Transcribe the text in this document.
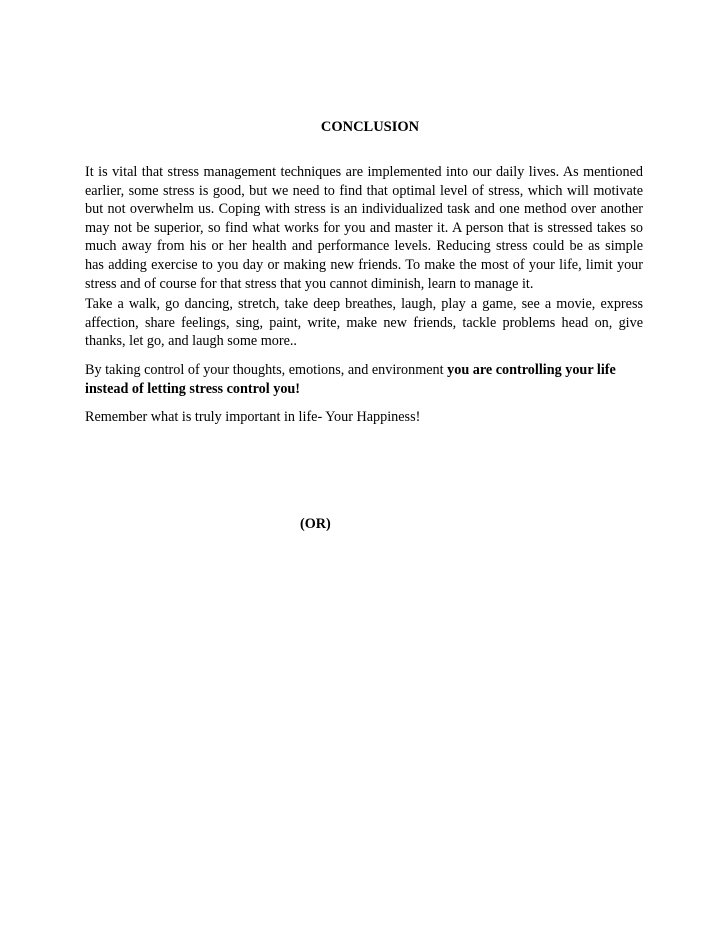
CONCLUSION
It is vital that stress management techniques are implemented into our daily lives. As mentioned
earlier, some stress is good, but we need to find that optimal level of stress, which will motivate
but not overwhelm us. Coping with stress is an individualized task and one method over another
may not be superior, so find what works for you and master it. A person that is stressed takes so
much away from his or her health and performance levels. Reducing stress could be as simple
has adding exercise to you day or making new friends. To make the most of your life, limit your
stress and of course for that stress that you cannot diminish, learn to manage it.
Take a walk, go dancing, stretch, take deep breathes, laugh, play a game, see a movie, express
affection, share feelings, sing, paint, write, make new friends, tackle problems head on, give
thanks, let go, and laugh some more..
By taking control of your thoughts, emotions, and environment you are controlling your life
instead of letting stress control you!
Remember what is truly important in life- Your Happiness!
(OR)
